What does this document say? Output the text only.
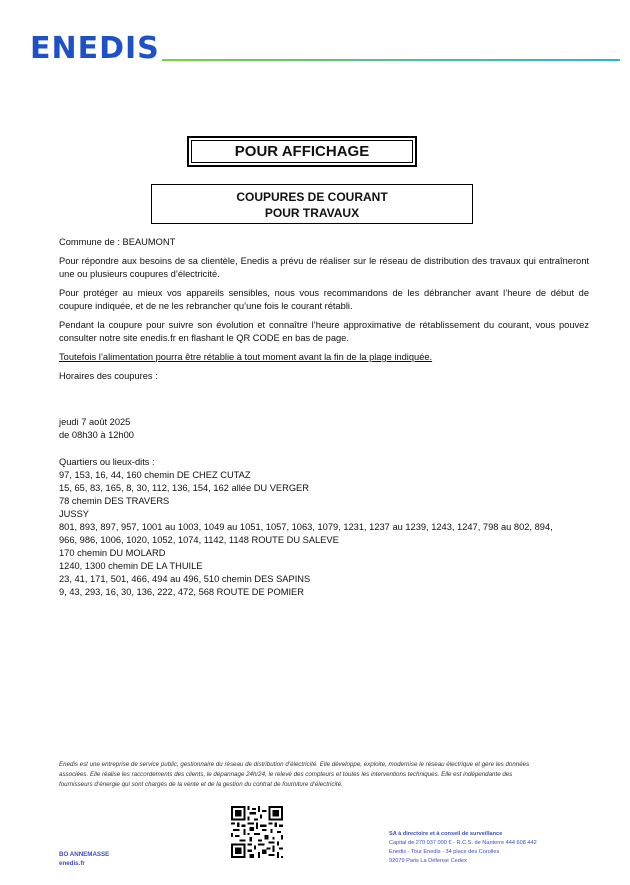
ENEDIS
POUR AFFICHAGE
COUPURES DE COURANT
POUR TRAVAUX

Commune de : BEAUMONT

Pour répondre aux besoins de sa clientèle, Enedis a prévu de réaliser sur le réseau de distribution des travaux qui entraîneront une ou plusieurs coupures d’électricité.

Pour protéger au mieux vos appareils sensibles, nous vous recommandons de les débrancher avant l’heure de début de coupure indiquée, et de ne les rebrancher qu’une fois le courant rétabli.

Pendant la coupure pour suivre son évolution et connaître l’heure approximative de rétablissement du courant, vous pouvez consulter notre site enedis.fr en flashant le QR CODE en bas de page.

Toutefois l’alimentation pourra être rétablie à tout moment avant la fin de la plage indiquée.

Horaires des coupures :

jeudi 7 août 2025
de 08h30 à 12h00
Quartiers ou lieux-dits :
97, 153, 16, 44, 160 chemin DE CHEZ CUTAZ
15, 65, 83, 165, 8, 30, 112, 136, 154, 162 allée DU VERGER
78 chemin DES TRAVERS
JUSSY
801, 893, 897, 957, 1001 au 1003, 1049 au 1051, 1057, 1063, 1079, 1231, 1237 au 1239, 1243, 1247, 798 au 802, 894,
966, 986, 1006, 1020, 1052, 1074, 1142, 1148 ROUTE DU SALEVE
170 chemin DU MOLARD
1240, 1300 chemin DE LA THUILE
23, 41, 171, 501, 466, 494 au 496, 510 chemin DES SAPINS
9, 43, 293, 16, 30, 136, 222, 472, 568 ROUTE DE POMIER
Enedis est une entreprise de service public, gestionnaire du réseau de distribution d’électricité. Elle développe, exploite, modernise le réseau électrique et gère les données
associées. Elle réalise les raccordements des clients, le dépannage 24h/24, le relevé des compteurs et toutes les interventions techniques. Elle est indépendante des
fournisseurs d’énergie qui sont chargés de la vente et de la gestion du contrat de fourniture d’électricité.
SA à directoire et à conseil de surveillance
Capital de 270 037 000 € - R.C.S. de Nanterre 444 608 442
Enedis - Tour Enedis - 34 place des Corolles
92079 Paris La Défense Cedex
BO ANNEMASSE
enedis.fr
